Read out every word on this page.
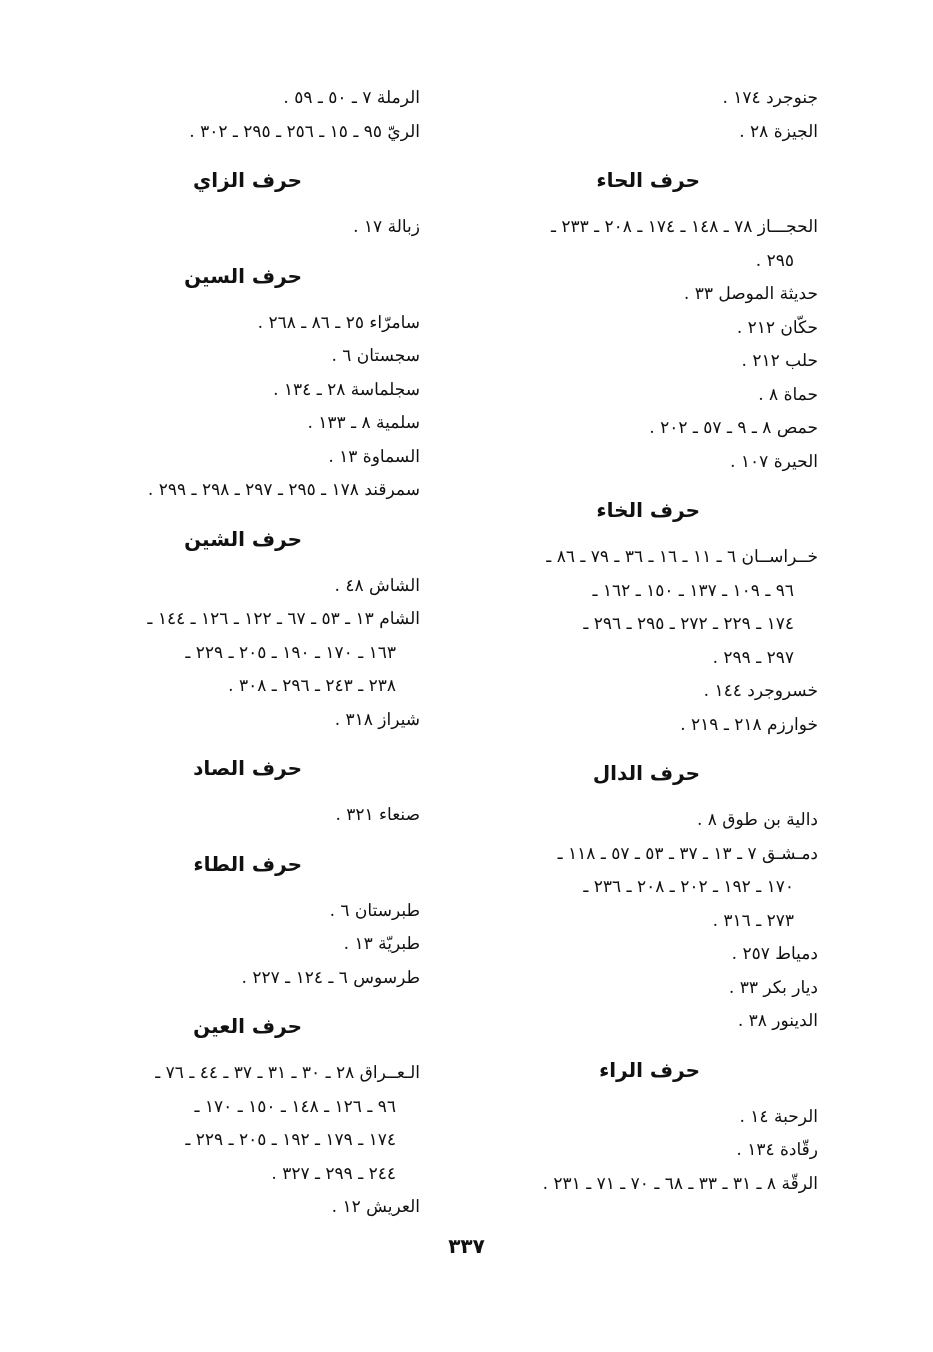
جنوجرد ١٧٤ .
الجيزة ٢٨ .
حرف الحاء
الحجـــاز ٧٨ ـ ١٤٨ ـ ١٧٤ ـ ٢٠٨ ـ ٢٣٣ ـ
٢٩٥ .
حديثة الموصل ٣٣ .
حكّان ٢١٢ .
حلب ٢١٢ .
حماة ٨ .
حمص ٨ ـ ٩ ـ ٥٧ ـ ٢٠٢ .
الحيرة ١٠٧ .
حرف الخاء
خــراســان ٦ ـ ١١ ـ ١٦ ـ ٣٦ ـ ٧٩ ـ ٨٦ ـ
٩٦ ـ ١٠٩ ـ ١٣٧ ـ ١٥٠ ـ ١٦٢ ـ
١٧٤ ـ ٢٢٩ ـ ٢٧٢ ـ ٢٩٥ ـ ٢٩٦ ـ
٢٩٧ ـ ٢٩٩ .
خسروجرد ١٤٤ .
خوارزم ٢١٨ ـ ٢١٩ .
حرف الدال
دالية بن طوق ٨ .
دمـشـق ٧ ـ ١٣ ـ ٣٧ ـ ٥٣ ـ ٥٧ ـ ١١٨ ـ
١٧٠ ـ ١٩٢ ـ ٢٠٢ ـ ٢٠٨ ـ ٢٣٦ ـ
٢٧٣ ـ ٣١٦ .
دمياط ٢٥٧ .
ديار بكر ٣٣ .
الدينور ٣٨ .
حرف الراء
الرحبة ١٤ .
رقّادة ١٣٤ .
الرقّة ٨ ـ ٣١ ـ ٣٣ ـ ٦٨ ـ ٧٠ ـ ٧١ ـ ٢٣١ .
الرملة ٧ ـ ٥٠ ـ ٥٩ .
الريّ ٩٥ ـ ١٥ ـ ٢٥٦ ـ ٢٩٥ ـ ٣٠٢ .
حرف الزاي
زبالة ١٧ .
حرف السين
سامرّاء ٢٥ ـ ٨٦ ـ ٢٦٨ .
سجستان ٦ .
سجلماسة ٢٨ ـ ١٣٤ .
سلمية ٨ ـ ١٣٣ .
السماوة ١٣ .
سمرقند ١٧٨ ـ ٢٩٥ ـ ٢٩٧ ـ ٢٩٨ ـ ٢٩٩ .
حرف الشين
الشاش ٤٨ .
الشام ١٣ ـ ٥٣ ـ ٦٧ ـ ١٢٢ ـ ١٢٦ ـ ١٤٤ ـ
١٦٣ ـ ١٧٠ ـ ١٩٠ ـ ٢٠٥ ـ ٢٢٩ ـ
٢٣٨ ـ ٢٤٣ ـ ٢٩٦ ـ ٣٠٨ .
شيراز ٣١٨ .
حرف الصاد
صنعاء ٣٢١ .
حرف الطاء
طبرستان ٦ .
طبريّة ١٣ .
طرسوس ٦ ـ ١٢٤ ـ ٢٢٧ .
حرف العين
الـعــراق ٢٨ ـ ٣٠ ـ ٣١ ـ ٣٧ ـ ٤٤ ـ ٧٦ ـ
٩٦ ـ ١٢٦ ـ ١٤٨ ـ ١٥٠ ـ ١٧٠ ـ
١٧٤ ـ ١٧٩ ـ ١٩٢ ـ ٢٠٥ ـ ٢٢٩ ـ
٢٤٤ ـ ٢٩٩ ـ ٣٢٧ .
العريش ١٢ .
٣٣٧
